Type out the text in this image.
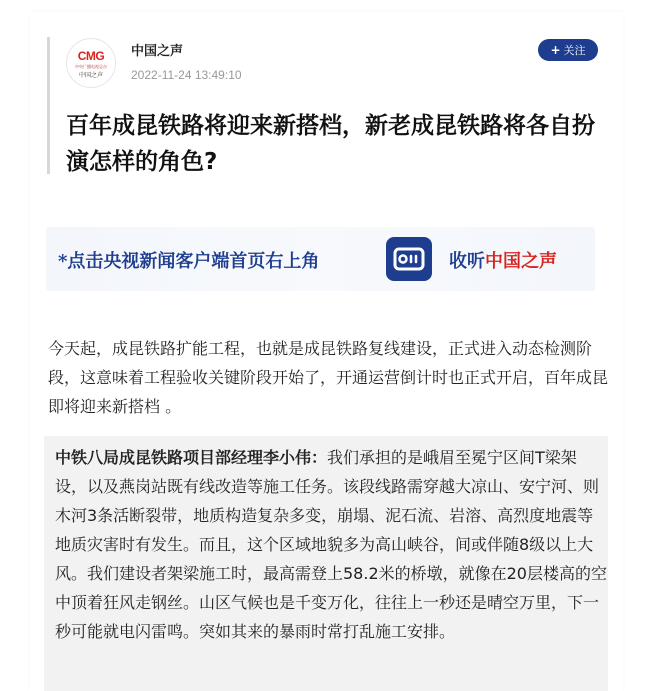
CMG
中央广播电视总台
中国之声
中国之声
2022-11-24 13:49:10
+ 关注
百年成昆铁路将迎来新搭档，新老成昆铁路将各自扮演怎样的角色?
*点击央视新闻客户端首页右上角	收听中国之声
今天起，成昆铁路扩能工程，也就是成昆铁路复线建设，正式进入动态检测阶段，这意味着工程验收关键阶段开始了，开通运营倒计时也正式开启，百年成昆即将迎来新搭档 。
中铁八局成昆铁路项目部经理李小伟：我们承担的是峨眉至冕宁区间T梁架设，以及燕岗站既有线改造等施工任务。该段线路需穿越大凉山、安宁河、则木河3条活断裂带，地质构造复杂多变，崩塌、泥石流、岩溶、高烈度地震等地质灾害时有发生。而且，这个区域地貌多为高山峡谷，间或伴随8级以上大风。我们建设者架梁施工时，最高需登上58.2米的桥墩，就像在20层楼高的空中顶着狂风走钢丝。山区气候也是千变万化，往往上一秒还是晴空万里，下一秒可能就电闪雷鸣。突如其来的暴雨时常打乱施工安排。
